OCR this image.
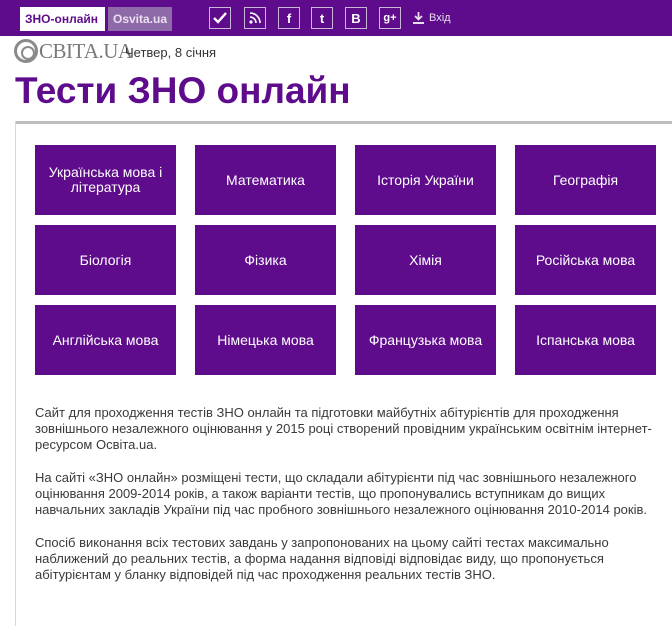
ЗНО-онлайн	Osvita.ua	f	t	B	g+	Вхід
СВІТА.UA
Четвер, 8 січня
Тести ЗНО онлайн
Українська мова і література	Математика	Історія України	Географія
Біологія	Фізика	Хімія	Російська мова
Англійська мова	Німецька мова	Французька мова	Іспанська мова

Сайт для проходження тестів ЗНО онлайн та підготовки майбутніх абітурієнтів для проходження зовнішнього незалежного оцінювання у 2015 році створений провідним українським освітнім інтернет-ресурсом Освіта.ua.

На сайті «ЗНО онлайн» розміщені тести, що складали абітурієнти під час зовнішнього незалежного оцінювання 2009-2014 років, а також варіанти тестів, що пропонувались вступникам до вищих навчальних закладів України під час пробного зовнішнього незалежного оцінювання 2010-2014 років.

Спосіб виконання всіх тестових завдань у запропонованих на цьому сайті тестах максимально наближений до реальних тестів, а форма надання відповіді відповідає виду, що пропонується абітурієнтам у бланку відповідей під час проходження реальних тестів ЗНО.
